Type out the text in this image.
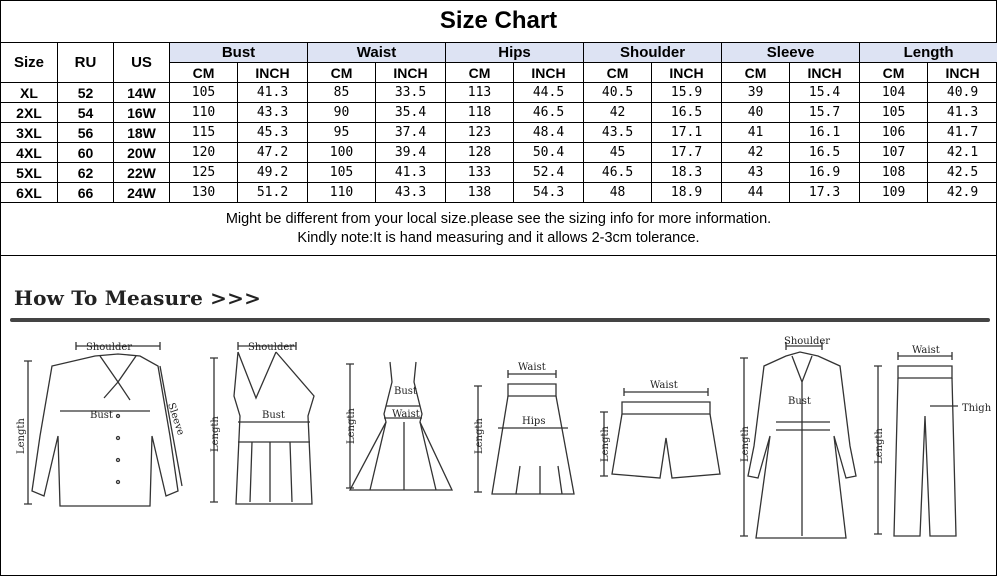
Size Chart
Size	RU	US	Bust		Waist		Hips		Shoulder		Sleeve		Length	
			CM	INCH	CM	INCH	CM	INCH	CM	INCH	CM	INCH	CM	INCH
XL	52	14W	105	41.3	85	33.5	113	44.5	40.5	15.9	39	15.4	104	40.9
2XL	54	16W	110	43.3	90	35.4	118	46.5	42	16.5	40	15.7	105	41.3
3XL	56	18W	115	45.3	95	37.4	123	48.4	43.5	17.1	41	16.1	106	41.7
4XL	60	20W	120	47.2	100	39.4	128	50.4	45	17.7	42	16.5	107	42.1
5XL	62	22W	125	49.2	105	41.3	133	52.4	46.5	18.3	43	16.9	108	42.5
6XL	66	24W	130	51.2	110	43.3	138	54.3	48	18.9	44	17.3	109	42.9
Might be different from your local size.please see the sizing info for more information.
Kindly note:It is hand measuring and it allows 2-3cm tolerance.
How To Measure >>>
Shoulder
Bust	Sleeve
Length
Shoulder
Bust
Length
Bust
Waist
Length
Waist
Hips
Length
Waist
Length
Shoulder
Bust
Length
Waist
Thigh
Length
